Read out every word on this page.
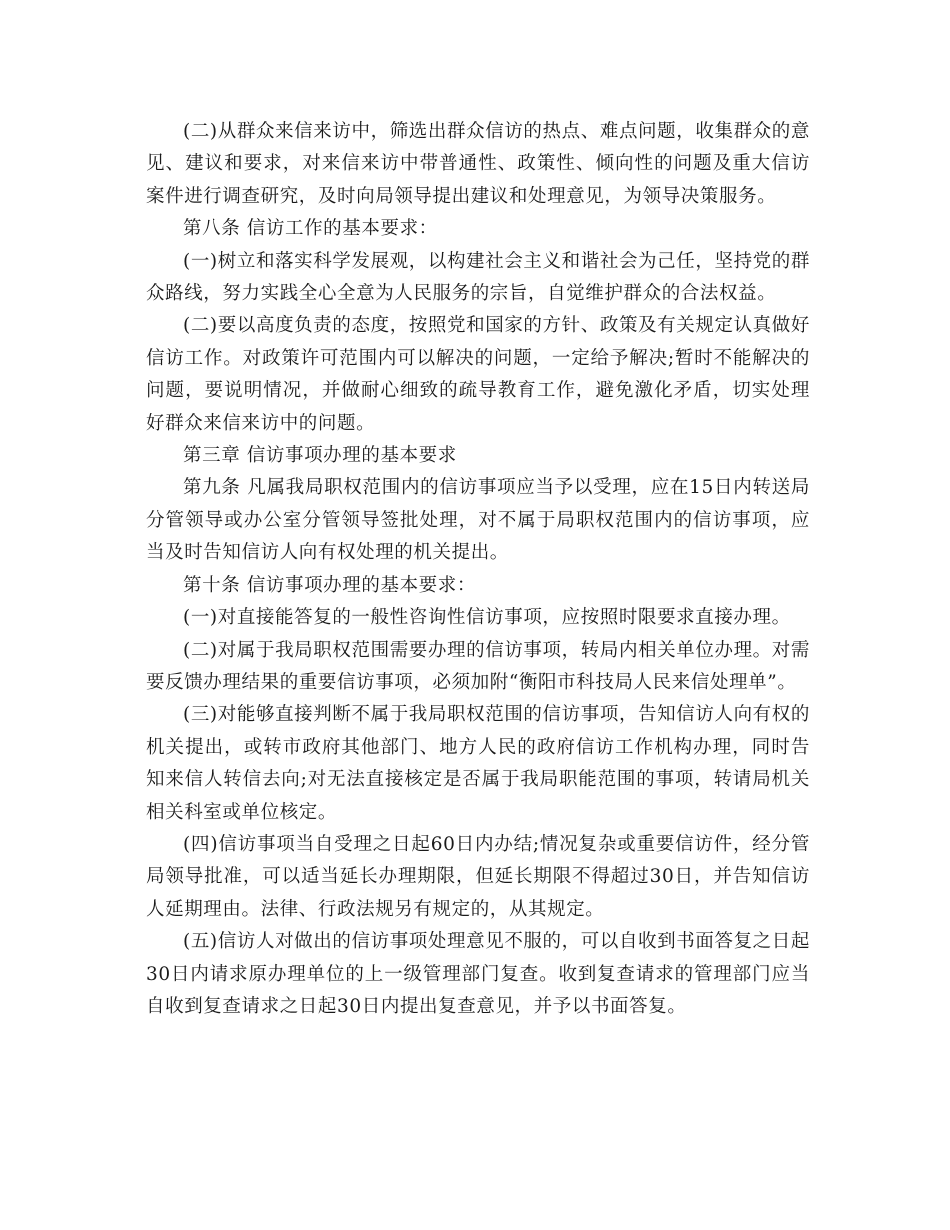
(二)从群众来信来访中，筛选出群众信访的热点、难点问题，收集群众的意见、建议和要求，对来信来访中带普通性、政策性、倾向性的问题及重大信访案件进行调查研究，及时向局领导提出建议和处理意见，为领导决策服务。

第八条 信访工作的基本要求：

(一)树立和落实科学发展观，以构建社会主义和谐社会为己任，坚持党的群众路线，努力实践全心全意为人民服务的宗旨，自觉维护群众的合法权益。

(二)要以高度负责的态度，按照党和国家的方针、政策及有关规定认真做好信访工作。对政策许可范围内可以解决的问题，一定给予解决;暂时不能解决的问题，要说明情况，并做耐心细致的疏导教育工作，避免激化矛盾，切实处理好群众来信来访中的问题。

第三章 信访事项办理的基本要求

第九条 凡属我局职权范围内的信访事项应当予以受理，应在15日内转送局分管领导或办公室分管领导签批处理，对不属于局职权范围内的信访事项，应当及时告知信访人向有权处理的机关提出。

第十条 信访事项办理的基本要求：

(一)对直接能答复的一般性咨询性信访事项，应按照时限要求直接办理。

(二)对属于我局职权范围需要办理的信访事项，转局内相关单位办理。对需要反馈办理结果的重要信访事项，必须加附“衡阳市科技局人民来信处理单”。

(三)对能够直接判断不属于我局职权范围的信访事项，告知信访人向有权的机关提出，或转市政府其他部门、地方人民的政府信访工作机构办理，同时告知来信人转信去向;对无法直接核定是否属于我局职能范围的事项，转请局机关相关科室或单位核定。

(四)信访事项当自受理之日起60日内办结;情况复杂或重要信访件，经分管局领导批准，可以适当延长办理期限，但延长期限不得超过30日，并告知信访人延期理由。法律、行政法规另有规定的，从其规定。

(五)信访人对做出的信访事项处理意见不服的，可以自收到书面答复之日起30日内请求原办理单位的上一级管理部门复查。收到复查请求的管理部门应当自收到复查请求之日起30日内提出复查意见，并予以书面答复。
